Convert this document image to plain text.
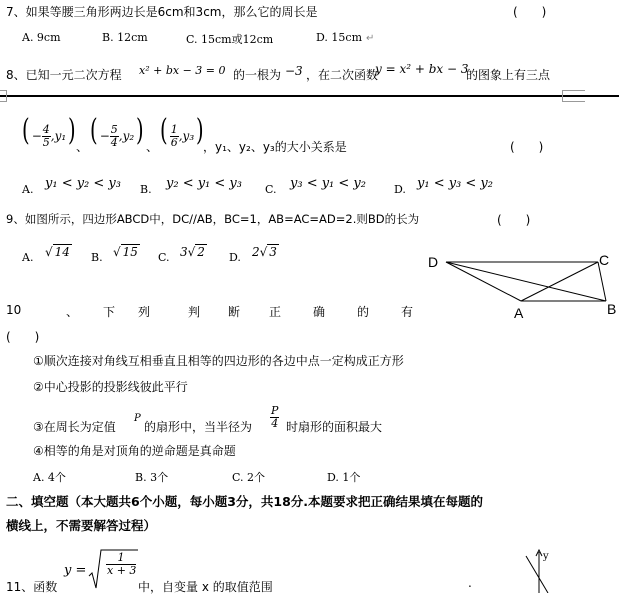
7、如果等腰三角形两边长是6cm和3cm，那么它的周长是	(　　)
A. 9cm	B. 12cm	C. 15cm或12cm	D. 15cm ↵
8、已知一元二次方程 x² + bx − 3 = 0 的一根为 −3 ，在二次函数
y = x² + bx − 3
的图象上有三点
( − $\frac{4}{5} ,y_1$) 、 ( − $\frac{5}{4} ,y_2$) 、 ( $\frac{1}{6} ,y_3$) ，y₁、y₂、y₃的大小关系是	(　　)
A. y₁ < y₂ < y₃ B. y₂ < y₁ < y₃ C. y₃ < y₁ < y₂	D. y₁ < y₃ < y₂
9、如图所示，四边形ABCD中，DC//AB，BC=1，AB=AC=AD=2.则BD的长为	(　　)
A. √ 14 B. √ 15 C. 3√ 2 D. 2√ 3
D	C
A	B
10	、 下 列	判 断 正	确	的	有
(　　)
①顺次连接对角线互相垂直且相等的四边形的各边中点一定构成正方形
②中心投影的投影线彼此平行
③在周长为定值
P
的扇形中，当半径为 $\frac{P}{4}$ 时扇形的面积最大
④相等的角是对顶角的逆命题是真命题
A. 4个	B. 3个	C. 2个	D. 1个
二、填空题（本大题共6个小题，每小题3分，共18分.本题要求把正确结果填在每题的
横线上，不需要解答过程）
11、函数
$y = \frac{1}{x + 3}$
中，自变量 x 的取值范围	.
y
